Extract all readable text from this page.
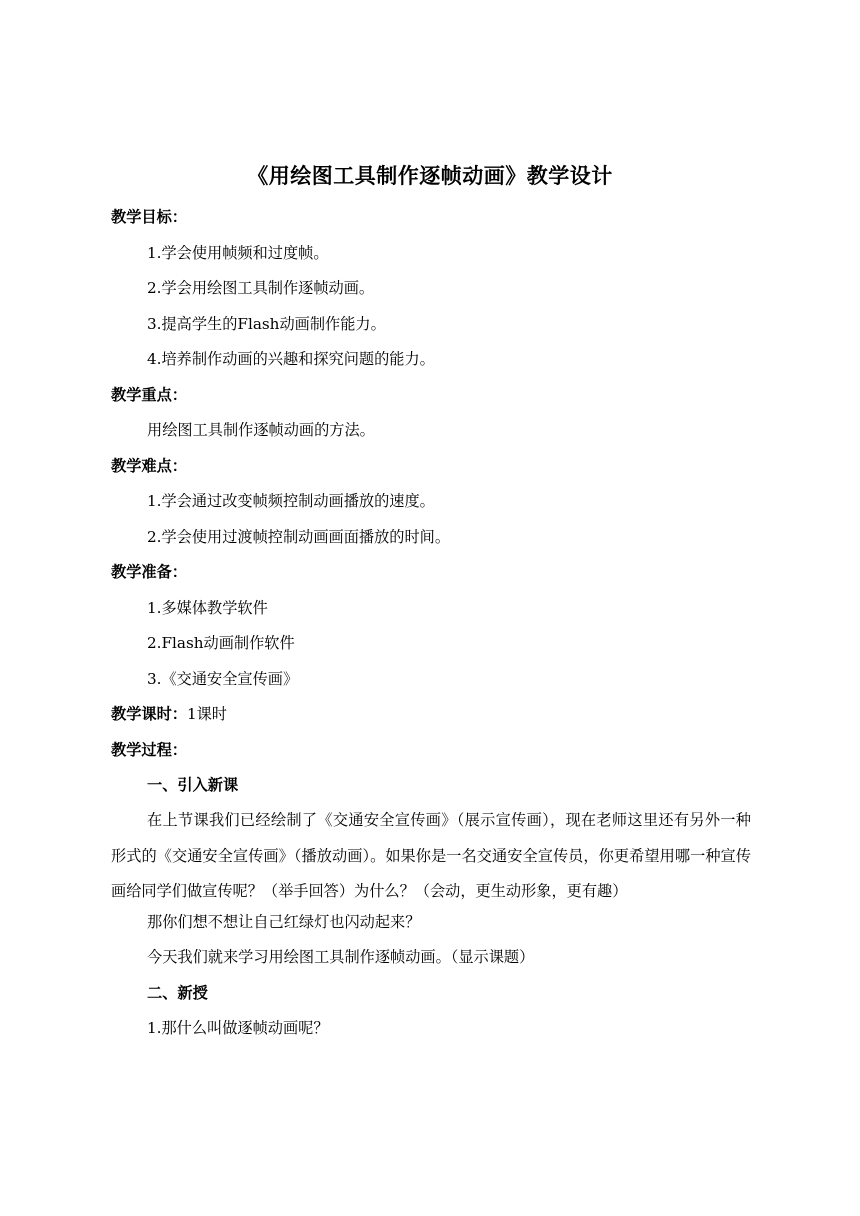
《用绘图工具制作逐帧动画》教学设计
教学目标：
1.学会使用帧频和过度帧。
2.学会用绘图工具制作逐帧动画。
3.提高学生的Flash动画制作能力。
4.培养制作动画的兴趣和探究问题的能力。
教学重点：
用绘图工具制作逐帧动画的方法。
教学难点：
1.学会通过改变帧频控制动画播放的速度。
2.学会使用过渡帧控制动画画面播放的时间。
教学准备：
1.多媒体教学软件
2.Flash动画制作软件
3.《交通安全宣传画》
教学课时：1课时
教学过程：
一、引入新课

在上节课我们已经绘制了《交通安全宣传画》（展示宣传画），现在老师这里还有另外一种形式的《交通安全宣传画》（播放动画）。如果你是一名交通安全宣传员，你更希望用哪一种宣传画给同学们做宣传呢？（举手回答）为什么？（会动，更生动形象，更有趣）

那你们想不想让自己红绿灯也闪动起来？
今天我们就来学习用绘图工具制作逐帧动画。（显示课题）
二、新授
1.那什么叫做逐帧动画呢？
